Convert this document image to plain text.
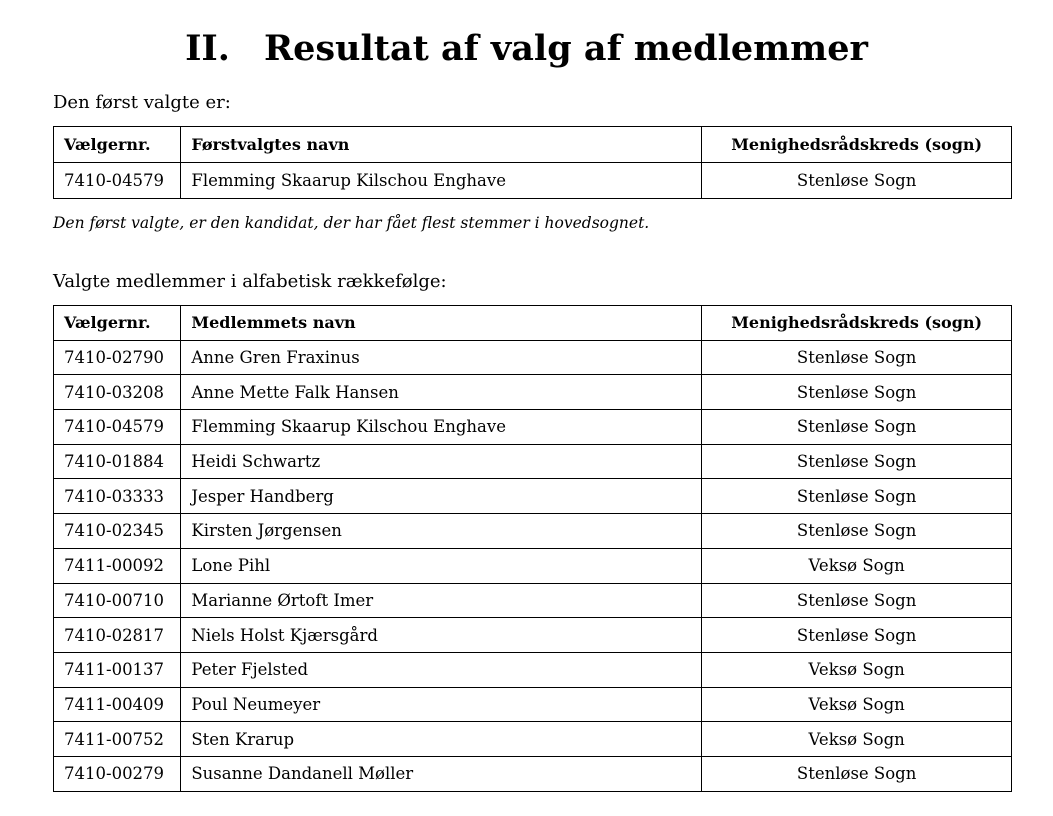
II. Resultat af valg af medlemmer

Den først valgte er:

Vælgernr.	Førstvalgtes navn	Menighedsrådskreds (sogn)
7410-04579	Flemming Skaarup Kilschou Enghave	Stenløse Sogn

Den først valgte, er den kandidat, der har fået flest stemmer i hovedsognet.

Valgte medlemmer i alfabetisk rækkefølge:

Vælgernr.	Medlemmets navn	Menighedsrådskreds (sogn)
7410-02790	Anne Gren Fraxinus	Stenløse Sogn
7410-03208	Anne Mette Falk Hansen	Stenløse Sogn
7410-04579	Flemming Skaarup Kilschou Enghave	Stenløse Sogn
7410-01884	Heidi Schwartz	Stenløse Sogn
7410-03333	Jesper Handberg	Stenløse Sogn
7410-02345	Kirsten Jørgensen	Stenløse Sogn
7411-00092	Lone Pihl	Veksø Sogn
7410-00710	Marianne Ørtoft Imer	Stenløse Sogn
7410-02817	Niels Holst Kjærsgård	Stenløse Sogn
7411-00137	Peter Fjelsted	Veksø Sogn
7411-00409	Poul Neumeyer	Veksø Sogn
7411-00752	Sten Krarup	Veksø Sogn
7410-00279	Susanne Dandanell Møller	Stenløse Sogn
